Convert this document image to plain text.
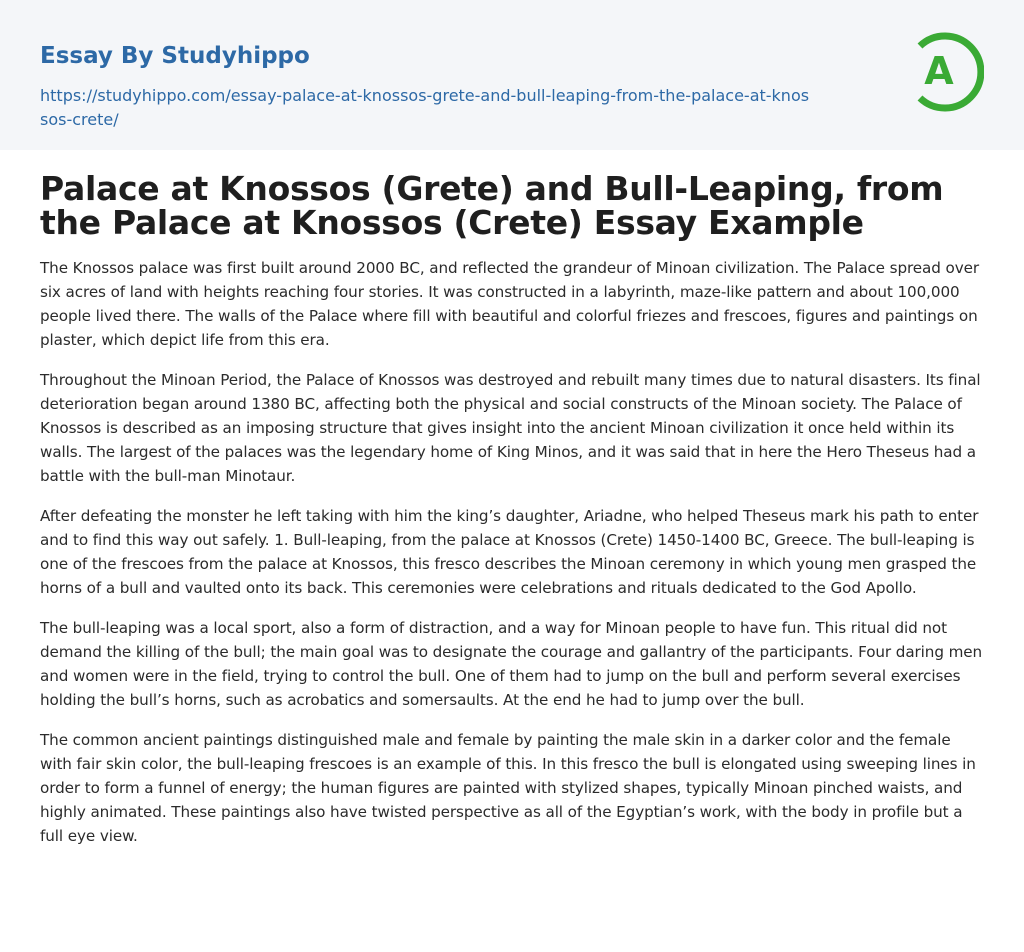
Essay By Studyhippo
https://studyhippo.com/essay-palace-at-knossos-grete-and-bull-leaping-from-the-palace-at-knossos-crete/
A
Palace at Knossos (Grete) and Bull-Leaping, from the Palace at Knossos (Crete) Essay Example

The Knossos palace was first built around 2000 BC, and reflected the grandeur of Minoan civilization. The Palace spread over six acres of land with heights reaching four stories. It was constructed in a labyrinth, maze-like pattern and about 100,000 people lived there. The walls of the Palace where fill with beautiful and colorful friezes and frescoes, figures and paintings on plaster, which depict life from this era.

Throughout the Minoan Period, the Palace of Knossos was destroyed and rebuilt many times due to natural disasters. Its final deterioration began around 1380 BC, affecting both the physical and social constructs of the Minoan society. The Palace of Knossos is described as an imposing structure that gives insight into the ancient Minoan civilization it once held within its walls. The largest of the palaces was the legendary home of King Minos, and it was said that in here the Hero Theseus had a battle with the bull-man Minotaur.

After defeating the monster he left taking with him the king’s daughter, Ariadne, who helped Theseus mark his path to enter and to find this way out safely. 1. Bull-leaping, from the palace at Knossos (Crete) 1450-1400 BC, Greece. The bull-leaping is one of the frescoes from the palace at Knossos, this fresco describes the Minoan ceremony in which young men grasped the horns of a bull and vaulted onto its back. This ceremonies were celebrations and rituals dedicated to the God Apollo.

The bull-leaping was a local sport, also a form of distraction, and a way for Minoan people to have fun. This ritual did not demand the killing of the bull; the main goal was to designate the courage and gallantry of the participants. Four daring men and women were in the field, trying to control the bull. One of them had to jump on the bull and perform several exercises holding the bull’s horns, such as acrobatics and somersaults. At the end he had to jump over the bull.

The common ancient paintings distinguished male and female by painting the male skin in a darker color and the female with fair skin color, the bull-leaping frescoes is an example of this. In this fresco the bull is elongated using sweeping lines in order to form a funnel of energy; the human figures are painted with stylized shapes, typically Minoan pinched waists, and highly animated. These paintings also have twisted perspective as all of the Egyptian’s work, with the body in profile but a full eye view.
